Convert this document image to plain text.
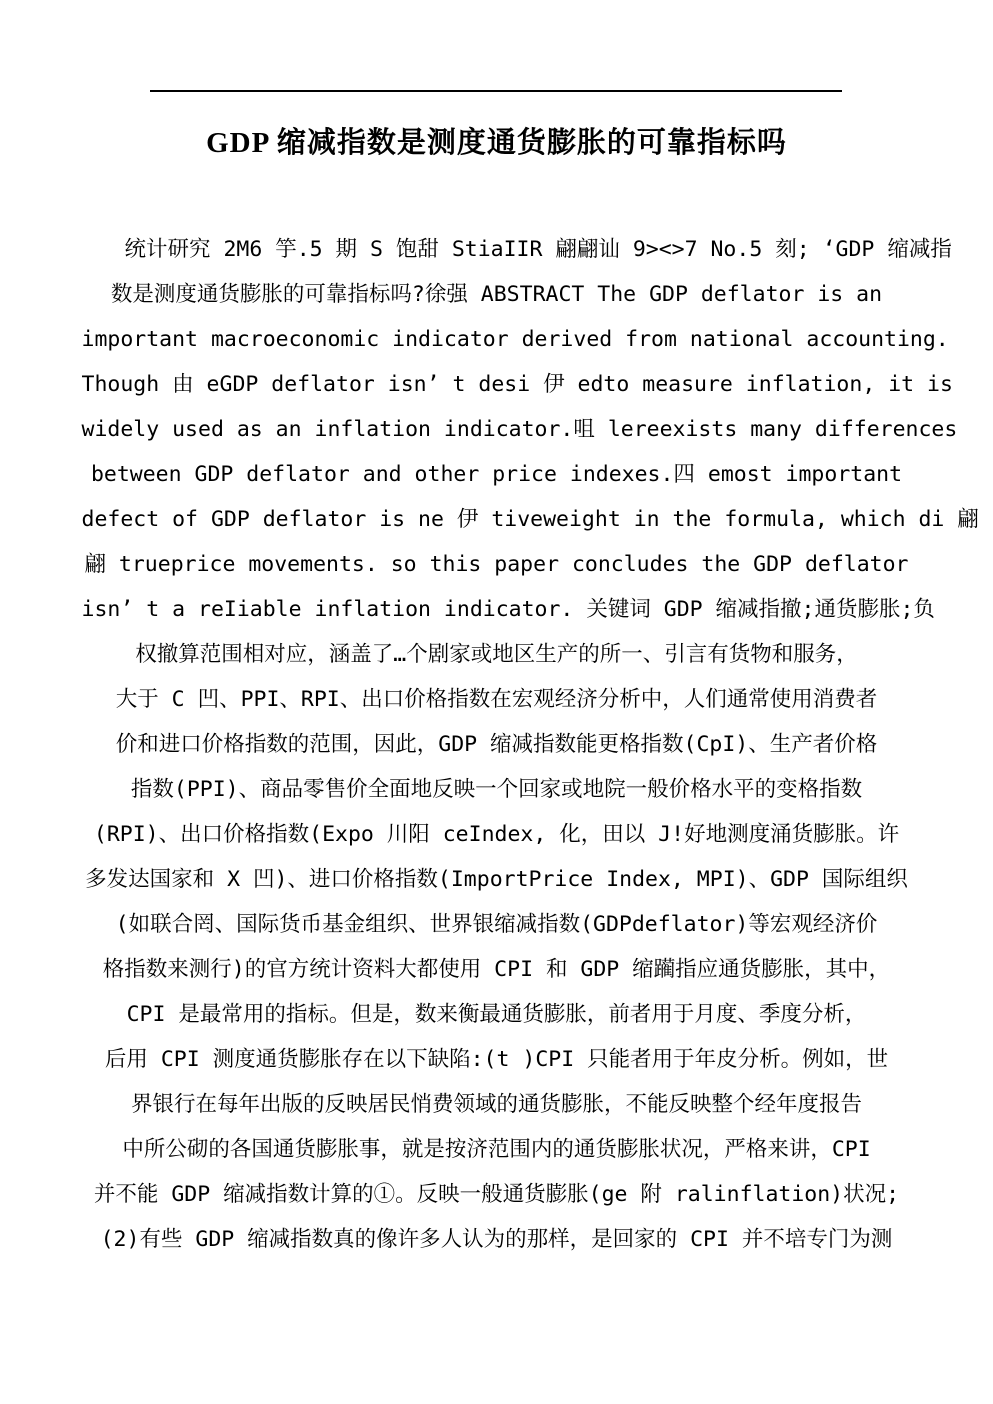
GDP 缩减指数是测度通货膨胀的可靠指标吗
　　统计研究 2M6 竽.5 期 S 饱甜 StiaIIR 翩翩讪 9><>7 No.5 刻; ‘GDP 缩减指
数是测度通货膨胀的可靠指标吗?徐强 ABSTRACT The GDP deflator is an
important macroeconomic indicator derived from national accounting.
Though 由 eGDP deflator isn’ t desi 伊 edto measure inflation, it is
widely used as an inflation indicator.咀 lereexists many differences
between GDP deflator and other price indexes.四 emost important
defect of GDP deflator is ne 伊 tiveweight in the formula, which di 翩
翩 trueprice movements. so this paper concludes the GDP deflator
isn’ t a reIiable inflation indicator. 关键词 GDP 缩减指撤;通货膨胀;负
权撤算范围相对应，涵盖了…个剧家或地区生产的所一、引言有货物和服务，
大于 C 凹、PPI、RPI、出口价格指数在宏观经济分析中，人们通常使用消费者
价和进口价格指数的范围，因此，GDP 缩减指数能更格指数(CpI)、生产者价格
指数(PPI)、商品零售价全面地反映一个回家或地院一般价格水平的变格指数
(RPI)、出口价格指数(Expo 川阳 ceIndex, 化，田以 J!好地测度涌货膨胀。许
多发达国家和 X 凹)、进口价格指数(ImportPrice Index, MPI)、GDP 国际组织
(如联合罔、国际货币基金组织、世界银缩减指数(GDPdeflator)等宏观经济价
格指数来测行)的官方统计资料大都使用 CPI 和 GDP 缩躏指应通货膨胀，其中，
CPI 是最常用的指标。但是，数来衡最通货膨胀，前者用于月度、季度分析，
后用 CPI 测度通货膨胀存在以下缺陷:(t )CPI 只能者用于年皮分析。例如，世
界银行在每年出版的反映居民悄费领域的通货膨胀，不能反映整个经年度报告
中所公砌的各国通货膨胀事，就是按济范围内的通货膨胀状况，严格来讲，CPI
并不能 GDP 缩减指数计算的①。反映一般通货膨胀(ge 附 ralinflation)状况;
(2)有些 GDP 缩减指数真的像许多人认为的那样，是回家的 CPI 并不培专门为测
